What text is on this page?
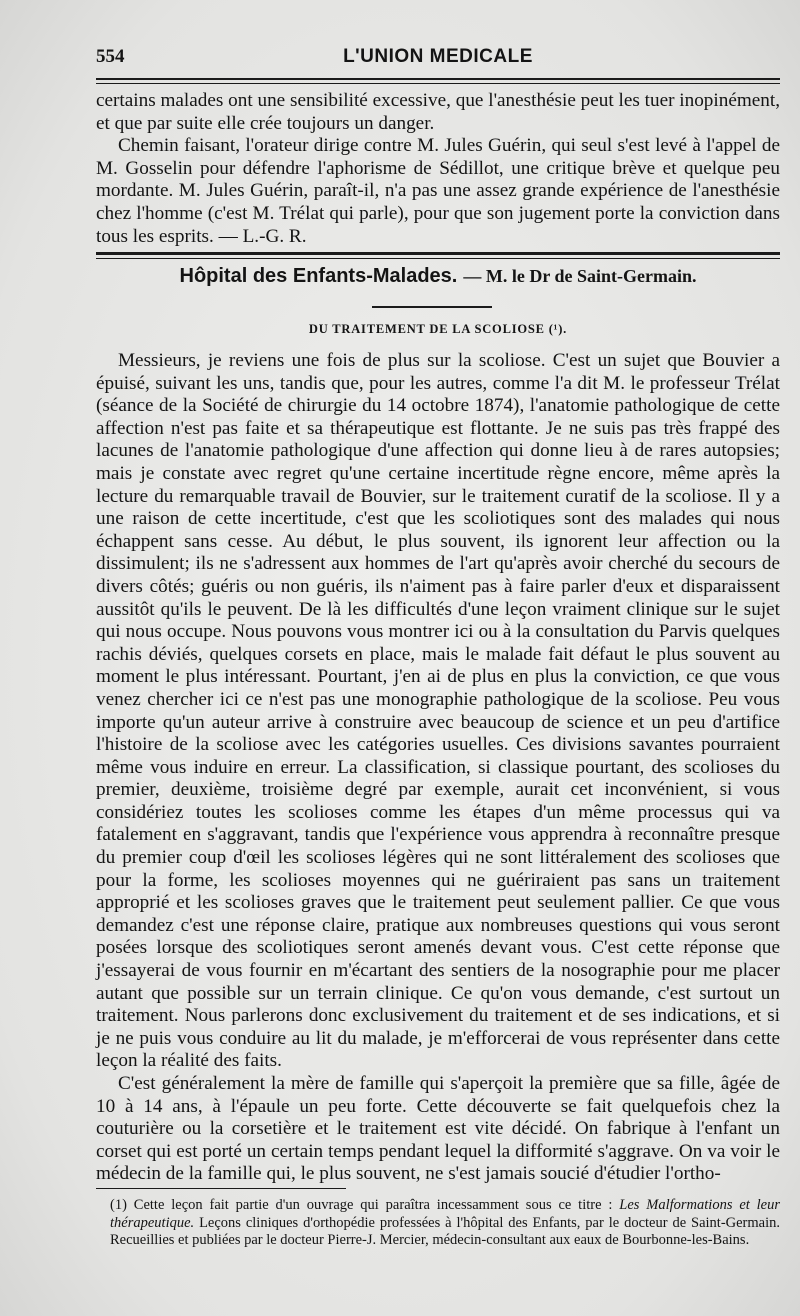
554	L'UNION MEDICALE

certains malades ont une sensibilité excessive, que l'anesthésie peut les tuer inopinément, et que par suite elle crée toujours un danger.

Chemin faisant, l'orateur dirige contre M. Jules Guérin, qui seul s'est levé à l'appel de M. Gosselin pour défendre l'aphorisme de Sédillot, une critique brève et quelque peu mordante. M. Jules Guérin, paraît-il, n'a pas une assez grande expérience de l'anesthésie chez l'homme (c'est M. Trélat qui parle), pour que son jugement porte la conviction dans tous les esprits. — L.-G. R.

Hôpital des Enfants-Malades. — M. le Dr de Saint-Germain.
DU TRAITEMENT DE LA SCOLIOSE (¹).

Messieurs, je reviens une fois de plus sur la scoliose. C'est un sujet que Bouvier a épuisé, suivant les uns, tandis que, pour les autres, comme l'a dit M. le professeur Trélat (séance de la Société de chirurgie du 14 octobre 1874), l'anatomie pathologique de cette affection n'est pas faite et sa thérapeutique est flottante. Je ne suis pas très frappé des lacunes de l'anatomie pathologique d'une affection qui donne lieu à de rares autopsies; mais je constate avec regret qu'une certaine incertitude règne encore, même après la lecture du remarquable travail de Bouvier, sur le traitement curatif de la scoliose. Il y a une raison de cette incertitude, c'est que les scoliotiques sont des malades qui nous échappent sans cesse. Au début, le plus souvent, ils ignorent leur affection ou la dissimulent; ils ne s'adressent aux hommes de l'art qu'après avoir cherché du secours de divers côtés; guéris ou non guéris, ils n'aiment pas à faire parler d'eux et disparaissent aussitôt qu'ils le peuvent. De là les difficultés d'une leçon vraiment clinique sur le sujet qui nous occupe. Nous pouvons vous montrer ici ou à la consultation du Parvis quelques rachis déviés, quelques corsets en place, mais le malade fait défaut le plus souvent au moment le plus intéressant. Pourtant, j'en ai de plus en plus la conviction, ce que vous venez chercher ici ce n'est pas une monographie pathologique de la scoliose. Peu vous importe qu'un auteur arrive à construire avec beaucoup de science et un peu d'artifice l'histoire de la scoliose avec les catégories usuelles. Ces divisions savantes pourraient même vous induire en erreur. La classification, si classique pourtant, des scolioses du premier, deuxième, troisième degré par exemple, aurait cet inconvénient, si vous considériez toutes les scolioses comme les étapes d'un même processus qui va fatalement en s'aggravant, tandis que l'expérience vous apprendra à reconnaître presque du premier coup d'œil les scolioses légères qui ne sont littéralement des scolioses que pour la forme, les scolioses moyennes qui ne guériraient pas sans un traitement approprié et les scolioses graves que le traitement peut seulement pallier. Ce que vous demandez c'est une réponse claire, pratique aux nombreuses questions qui vous seront posées lorsque des scoliotiques seront amenés devant vous. C'est cette réponse que j'essayerai de vous fournir en m'écartant des sentiers de la nosographie pour me placer autant que possible sur un terrain clinique. Ce qu'on vous demande, c'est surtout un traitement. Nous parlerons donc exclusivement du traitement et de ses indications, et si je ne puis vous conduire au lit du malade, je m'efforcerai de vous représenter dans cette leçon la réalité des faits.

C'est généralement la mère de famille qui s'aperçoit la première que sa fille, âgée de 10 à 14 ans, à l'épaule un peu forte. Cette découverte se fait quelquefois chez la couturière ou la corsetière et le traitement est vite décidé. On fabrique à l'enfant un corset qui est porté un certain temps pendant lequel la difformité s'aggrave. On va voir le médecin de la famille qui, le plus souvent, ne s'est jamais soucié d'étudier l'ortho-

(1) Cette leçon fait partie d'un ouvrage qui paraîtra incessamment sous ce titre : Les Malformations et leur thérapeutique. Leçons cliniques d'orthopédie professées à l'hôpital des Enfants, par le docteur de Saint-Germain. Recueillies et publiées par le docteur Pierre-J. Mercier, médecin-consultant aux eaux de Bourbonne-les-Bains.
